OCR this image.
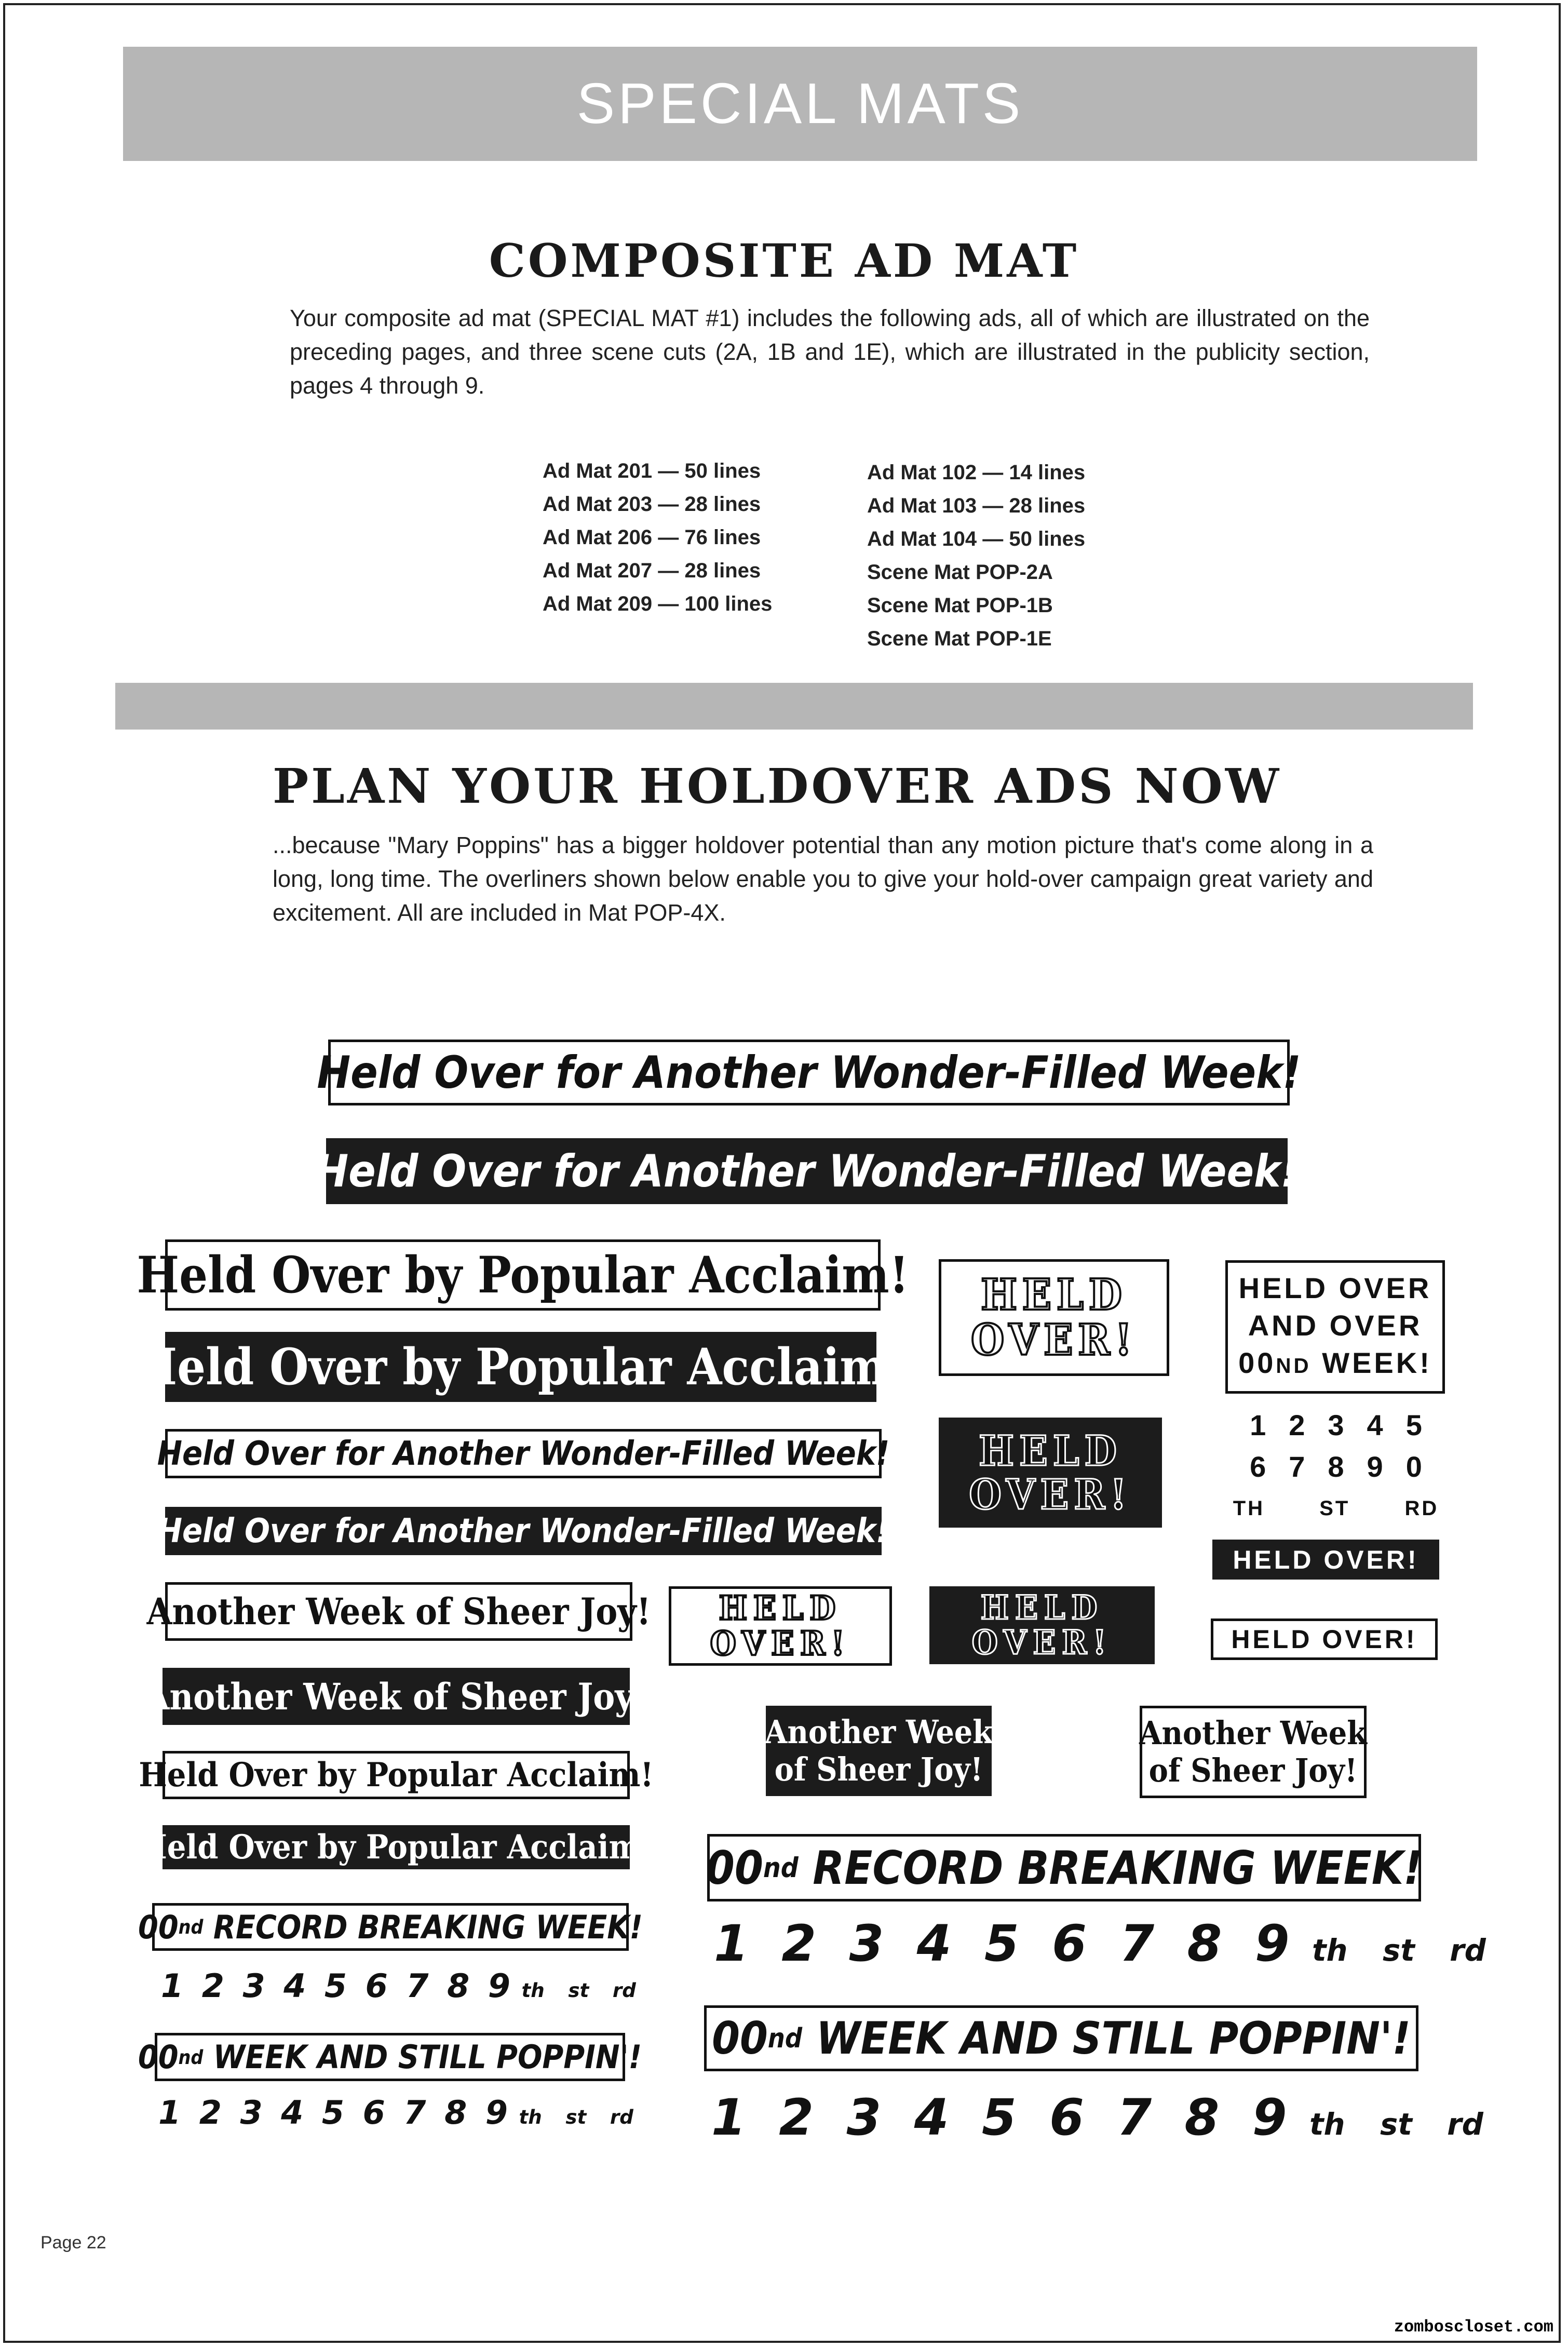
SPECIAL MATS
COMPOSITE AD MAT
Your composite ad mat (SPECIAL MAT #1) includes the following ads, all of which are illustrated on the preceding pages, and three scene cuts (2A, 1B and 1E), which are illustrated in the publicity section, pages 4 through 9.
Ad Mat 201 — 50 lines
Ad Mat 203 — 28 lines
Ad Mat 206 — 76 lines
Ad Mat 207 — 28 lines
Ad Mat 209 — 100 lines
Ad Mat 102 — 14 lines
Ad Mat 103 — 28 lines
Ad Mat 104 — 50 lines
Scene Mat POP-2A
Scene Mat POP-1B
Scene Mat POP-1E
PLAN YOUR HOLDOVER ADS NOW
...because "Mary Poppins" has a bigger holdover potential than any motion picture that's come along in a long, long time. The overliners shown below enable you to give your hold-over campaign great variety and excitement. All are included in Mat POP-4X.
Held Over for Another Wonder-Filled Week!
Held Over for Another Wonder-Filled Week!
Held Over by Popular Acclaim!
Held Over by Popular Acclaim!
Held Over for Another Wonder-Filled Week!
Held Over for Another Wonder-Filled Week!
Another Week of Sheer Joy!
Another Week of Sheer Joy!
Held Over by Popular Acclaim!
Held Over by Popular Acclaim!
00 nd RECORD BREAKING WEEK!
1 2 3 4 5 6 7 8 9 th st rd
00 nd WEEK AND STILL POPPIN'!
1 2 3 4 5 6 7 8 9 th st rd
HELD
OVER!
HELD
OVER!
HELD
OVER!
HELD
OVER!
HELD OVER
AND OVER
00ND WEEK!
12345
67890
TH	ST	RD
HELD OVER!
HELD OVER!
Another Week
of Sheer Joy!
Another Week
of Sheer Joy!
00 nd RECORD BREAKING WEEK!
1 2 3 4 5 6 7 8 9 th st rd
00 nd WEEK AND STILL POPPIN'!
1 2 3 4 5 6 7 8 9 th st rd
Page 22
zomboscloset.com
